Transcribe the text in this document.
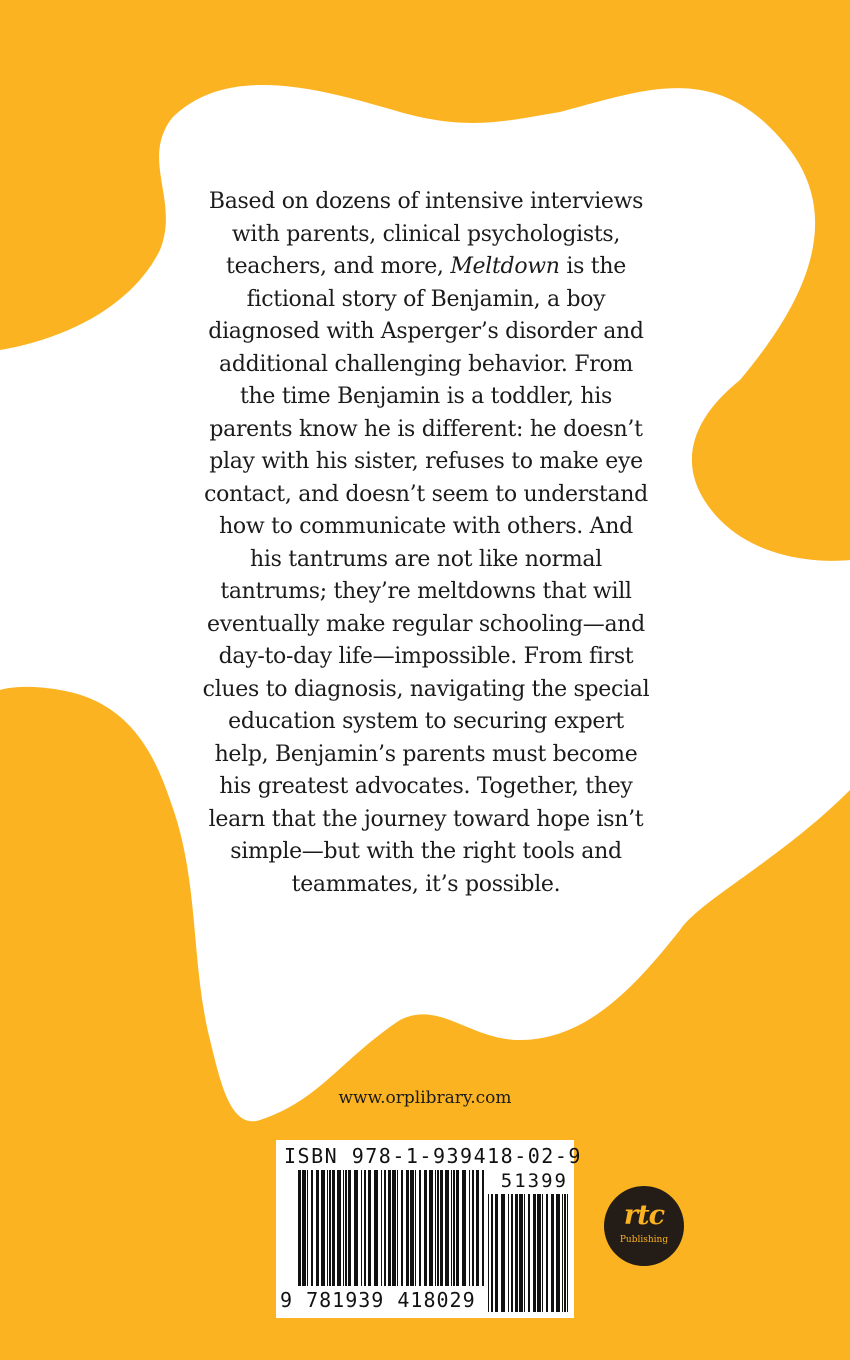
Based on dozens of intensive interviews with parents, clinical psychologists, teachers, and more, Meltdown is the fictional story of Benjamin, a boy diagnosed with Asperger’s disorder and additional challenging behavior. From the time Benjamin is a toddler, his parents know he is different: he doesn’t play with his sister, refuses to make eye contact, and doesn’t seem to understand how to communicate with others. And his tantrums are not like normal tantrums; they’re meltdowns that will eventually make regular schooling—and day-to-day life—impossible. From first clues to diagnosis, navigating the special education system to securing expert help, Benjamin’s parents must become his greatest advocates. Together, they learn that the journey toward hope isn’t simple—but with the right tools and teammates, it’s possible.
www.orplibrary.com
ISBN 978-1-939418-02-9
51399
9 781939 418029
rtc
Publishing
